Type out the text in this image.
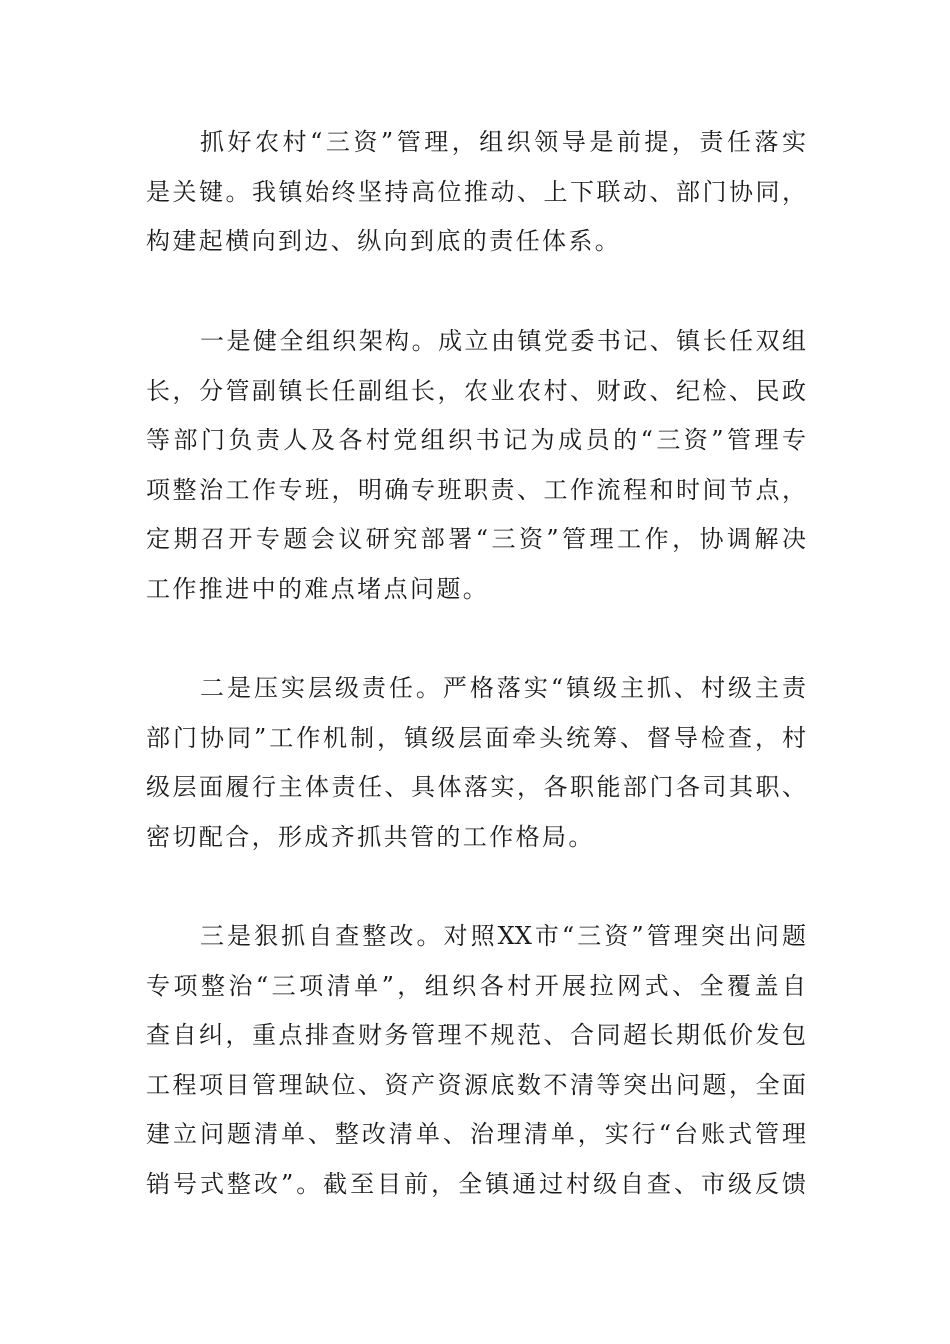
抓好农村“三资”管理，组织领导是前提，责任落实
是关键。我镇始终坚持高位推动、上下联动、部门协同，
构建起横向到边、纵向到底的责任体系。
一是健全组织架构。成立由镇党委书记、镇长任双组
长，分管副镇长任副组长，农业农村、财政、纪检、民政
等部门负责人及各村党组织书记为成员的“三资”管理专
项整治工作专班，明确专班职责、工作流程和时间节点，
定期召开专题会议研究部署“三资”管理工作，协调解决
工作推进中的难点堵点问题。
二是压实层级责任。严格落实“镇级主抓、村级主责
部门协同”工作机制，镇级层面牵头统筹、督导检查，村
级层面履行主体责任、具体落实，各职能部门各司其职、
密切配合，形成齐抓共管的工作格局。
三是狠抓自查整改。对照XX市“三资”管理突出问题
专项整治“三项清单”，组织各村开展拉网式、全覆盖自
查自纠，重点排查财务管理不规范、合同超长期低价发包
工程项目管理缺位、资产资源底数不清等突出问题，全面
建立问题清单、整改清单、治理清单，实行“台账式管理
销号式整改”。截至目前，全镇通过村级自查、市级反馈
